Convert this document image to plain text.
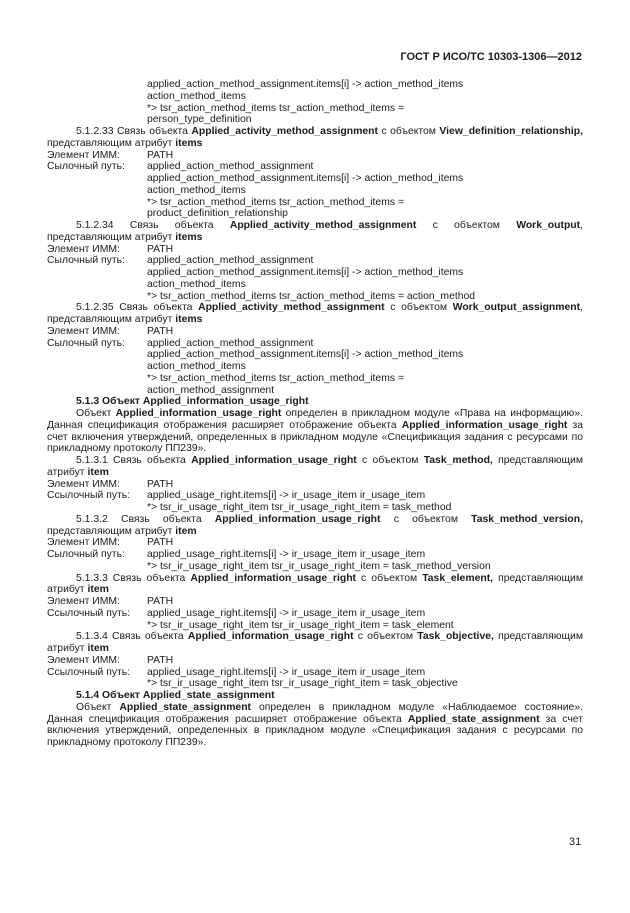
ГОСТ Р ИСО/ТС 10303-1306—2012
applied_action_method_assignment.items[i] -> action_method_items
action_method_items
*> tsr_action_method_items tsr_action_method_items =
person_type_definition

5.1.2.33 Связь объекта Applied_activity_method_assignment с объектом View_definition_relationship, представляющим атрибут items

Элемент ИММ:	PATH
Сылочный путь:	applied_action_method_assignment
applied_action_method_assignment.items[i] -> action_method_items
action_method_items
*> tsr_action_method_items tsr_action_method_items =
product_definition_relationship

5.1.2.34 Связь объекта Applied_activity_method_assignment с объектом Work_output, представляющим атрибут items

Элемент ИММ:	PATH
Сылочный путь:	applied_action_method_assignment
applied_action_method_assignment.items[i] -> action_method_items
action_method_items
*> tsr_action_method_items tsr_action_method_items = action_method

5.1.2.35 Связь объекта Applied_activity_method_assignment с объектом Work_output_assignment, представляющим атрибут items

Элемент ИММ:	PATH
Сылочный путь:	applied_action_method_assignment
applied_action_method_assignment.items[i] -> action_method_items
action_method_items
*> tsr_action_method_items tsr_action_method_items =
action_method_assignment
5.1.3 Объект Applied_information_usage_right

Объект Applied_information_usage_right определен в прикладном модуле «Права на информацию». Данная спецификация отображения расширяет отображение объекта Applied_information_usage_right за счет включения утверждений, определенных в прикладном модуле «Спецификация задания с ресурсами по прикладному протоколу ПП239».

5.1.3.1 Связь объекта Applied_information_usage_right с объектом Task_method, представляющим атрибут item

Элемент ИММ:	PATH
Ссылочный путь:	applied_usage_right.items[i] -> ir_usage_item ir_usage_item
*> tsr_ir_usage_right_item tsr_ir_usage_right_item = task_method

5.1.3.2 Связь объекта Applied_information_usage_right с объектом Task_method_version, представляющим атрибут item

Элемент ИММ:	PATH
Сылочный путь:	applied_usage_right.items[i] -> ir_usage_item ir_usage_item
*> tsr_ir_usage_right_item tsr_ir_usage_right_item = task_method_version

5.1.3.3 Связь объекта Applied_information_usage_right с объектом Task_element, представляющим атрибут item

Элемент ИММ:	PATH
Ссылочный путь:	applied_usage_right.items[i] -> ir_usage_item ir_usage_item
*> tsr_ir_usage_right_item tsr_ir_usage_right_item = task_element

5.1.3.4 Связь объекта Applied_information_usage_right с объектом Task_objective, представляющим атрибут item

Элемент ИММ:	PATH
Ссылочный путь:	applied_usage_right.items[i] -> ir_usage_item ir_usage_item
*> tsr_ir_usage_right_item tsr_ir_usage_right_item = task_objective
5.1.4 Объект Applied_state_assignment

Объект Applied_state_assignment определен в прикладном модуле «Наблюдаемое состояние». Данная спецификация отображения расширяет отображение объекта Applied_state_assignment за счет включения утверждений, определенных в прикладном модуле «Спецификация задания с ресурсами по прикладному протоколу ПП239».

31
